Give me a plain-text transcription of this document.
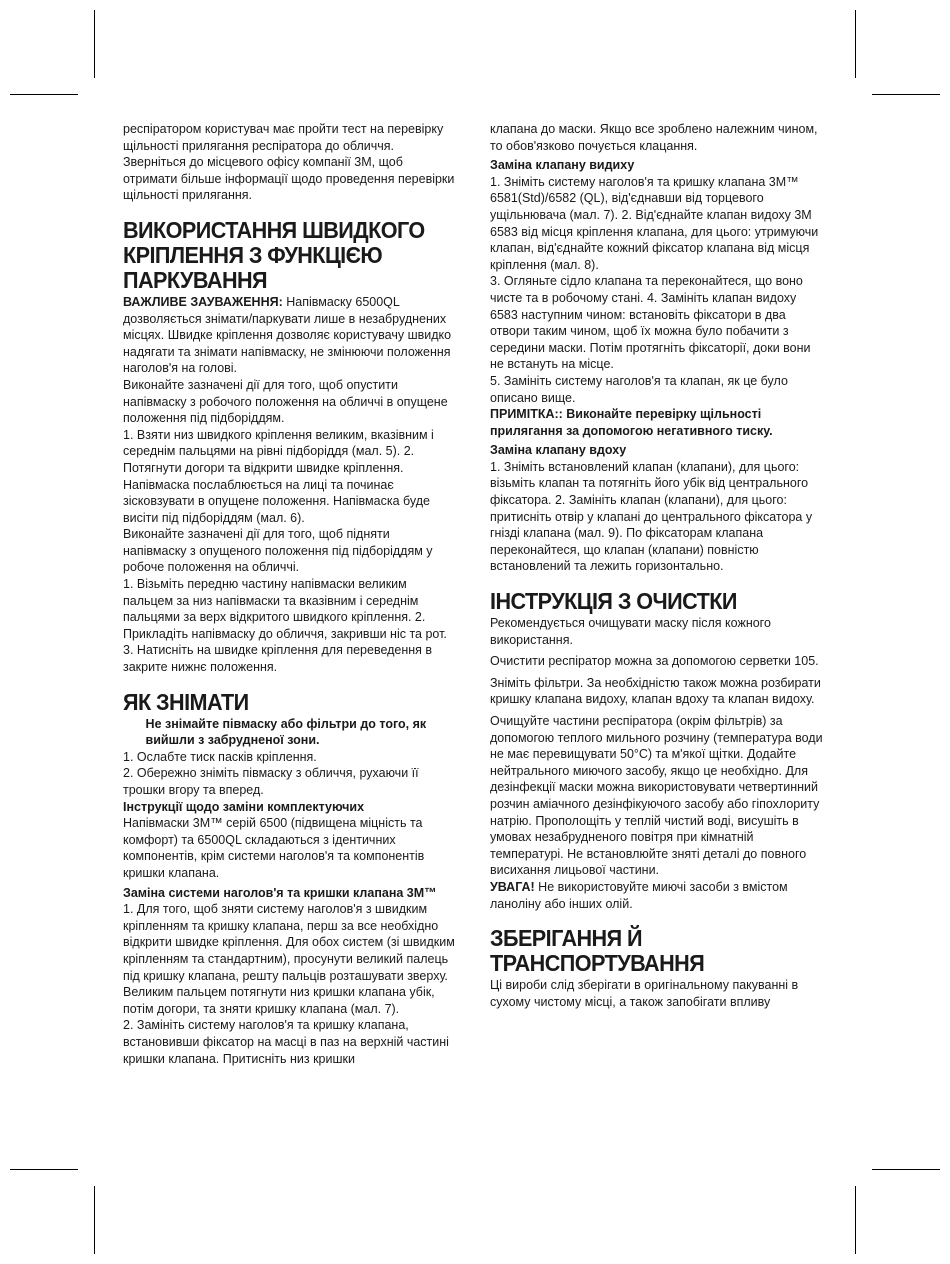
респіратором користувач має пройти тест на перевірку щільності прилягання респіратора до обличчя.

Зверніться до місцевого офісу компанії 3M, щоб отримати більше інформації щодо проведення перевірки щільності прилягання.

ВИКОРИСТАННЯ ШВИДКОГО КРІПЛЕННЯ З ФУНКЦІЄЮ ПАРКУВАННЯ

ВАЖЛИВЕ ЗАУВАЖЕННЯ: Напівмаску 6500QL дозволяється знімати/паркувати лише в незабруднених місцях. Швидке кріплення дозволяє користувачу швидко надягати та знімати напівмаску, не змінюючи положення наголов'я на голові.

Виконайте зазначені дії для того, щоб опустити напівмаску з робочого положення на обличчі в опущене положення під підборіддям.

1. Взяти низ швидкого кріплення великим, вказівним і середнім пальцями на рівні підборіддя (мал. 5). 2. Потягнути догори та відкрити швидке кріплення. Напівмаска послаблюється на лиці та починає зісковзувати в опущене положення. Напівмаска буде висіти під підборіддям (мал. 6).

Виконайте зазначені дії для того, щоб підняти напівмаску з опущеного положення під підборіддям у робоче положення на обличчі.

1. Візьміть передню частину напівмаски великим пальцем за низ напівмаски та вказівним і середнім пальцями за верх відкритого швидкого кріплення. 2. Прикладіть напівмаску до обличчя, закривши ніс та рот. 3. Натисніть на швидке кріплення для переведення в закрите нижнє положення.

ЯК ЗНІМАТИ

Не знімайте півмаску або фільтри до того, як вийшли з забрудненої зони.

1. Ослабте тиск пасків кріплення.

2. Обережно зніміть півмаску з обличчя, рухаючи її трошки вгору та вперед.

Інструкції щодо заміни комплектуючих

Напівмаски 3M™ серій 6500 (підвищена міцність та комфорт) та 6500QL складаються з ідентичних компонентів, крім системи наголов'я та компонентів кришки клапана.

Заміна системи наголов'я та кришки клапана 3M™

1. Для того, щоб зняти систему наголов'я з швидким кріпленням та кришку клапана, перш за все необхідно відкрити швидке кріплення. Для обох систем (зі швидким кріпленням та стандартним), просунути великий палець під кришку клапана, решту пальців розташувати зверху. Великим пальцем потягнути низ кришки клапана убік, потім догори, та зняти кришку клапана (мал. 7).

2. Замініть систему наголов'я та кришку клапана, встановивши фіксатор на масці в паз на верхній частині кришки клапана. Притисніть низ кришки

клапана до маски. Якщо все зроблено належним чином, то обов'язково почується клацання.

Заміна клапану видиху

1. Зніміть систему наголов'я та кришку клапана 3M™ 6581(Std)/6582 (QL), від'єднавши від торцевого ущільнювача (мал. 7). 2. Від'єднайте клапан видоху 3M 6583 від місця кріплення клапана, для цього: утримуючи клапан, від'єднайте кожний фіксатор клапана від місця кріплення (мал. 8).

3. Огляньте сідло клапана та переконайтеся, що воно чисте та в робочому стані. 4. Замініть клапан видоху 6583 наступним чином: встановіть фіксатори в два отвори таким чином, щоб їх можна було побачити з середини маски. Потім протягніть фіксаторії, доки вони не встануть на місце.

5. Замініть систему наголов'я та клапан, як це було описано вище.

ПРИМІТКА:: Виконайте перевірку щільності прилягання за допомогою негативного тиску.

Заміна клапану вдоху

1. Зніміть встановлений клапан (клапани), для цього: візьміть клапан та потягніть його убік від центрального фіксатора. 2. Замініть клапан (клапани), для цього: притисніть отвір у клапані до центрального фіксатора у гнізді клапана (мал. 9). По фіксаторам клапана переконайтеся, що клапан (клапани) повністю встановлений та лежить горизонтально.

ІНСТРУКЦІЯ З ОЧИСТКИ

Рекомендується очищувати маску після кожного використання.

Очистити респіратор можна за допомогою серветки 105.

Зніміть фільтри. За необхідністю також можна розбирати кришку клапана видоху, клапан вдоху та клапан видоху.

Очищуйте частини респіратора (окрім фільтрів) за допомогою теплого мильного розчину (температура води не має перевищувати 50°C) та м'якої щітки. Додайте нейтрального миючого засобу, якщо це необхідно. Для дезінфекції маски можна використовувати четвертинний розчин аміачного дезінфікуючого засобу або гіпохлориту натрію. Прополощіть у теплій чистий воді, висушіть в умовах незабрудненого повітря при кімнатній температурі. Не встановлюйте зняті деталі до повного висихання лицьової частини.

УВАГА! Не використовуйте миючі засоби з вмістом ланоліну або інших олій.

ЗБЕРІГАННЯ Й ТРАНСПОРТУВАННЯ

Ці вироби слід зберігати в оригінальному пакуванні в сухому чистому місці, а також запобігати впливу
